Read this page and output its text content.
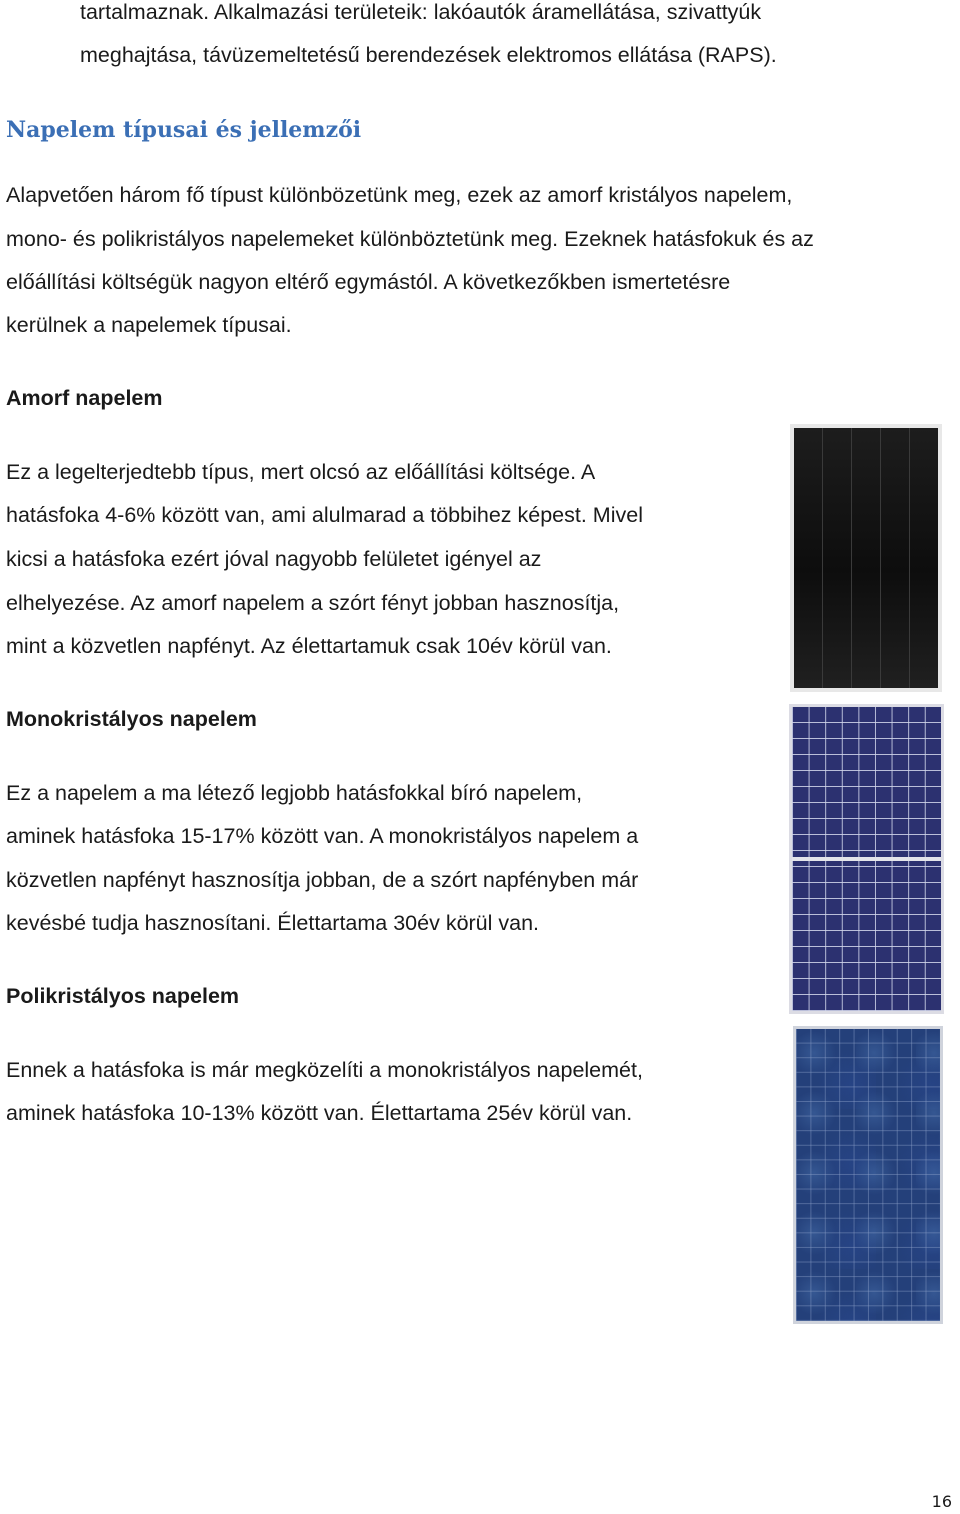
tartalmaznak. Alkalmazási területeik: lakóautók áramellátása, szivattyúk

meghajtása, távüzemeltetésű berendezések elektromos ellátása (RAPS).

Napelem típusai és jellemzői

Alapvetően három fő típust különbözetünk meg, ezek az amorf kristályos napelem,

mono- és polikristályos napelemeket különböztetünk meg. Ezeknek hatásfokuk és az

előállítási költségük nagyon eltérő egymástól. A következőkben ismertetésre

kerülnek a napelemek típusai.

Amorf napelem

Ez a legelterjedtebb típus, mert olcsó az előállítási költsége. A

hatásfoka 4-6% között van, ami alulmarad a többihez képest. Mivel

kicsi a hatásfoka ezért jóval nagyobb felületet igényel az

elhelyezése. Az amorf napelem a szórt fényt jobban hasznosítja,

mint a közvetlen napfényt. Az élettartamuk csak 10év körül van.

Monokristályos napelem

Ez a napelem a ma létező legjobb hatásfokkal bíró napelem,

aminek hatásfoka 15-17% között van. A monokristályos napelem a

közvetlen napfényt hasznosítja jobban, de a szórt napfényben már

kevésbé tudja hasznosítani. Élettartama 30év körül van.

Polikristályos napelem

Ennek a hatásfoka is már megközelíti a monokristályos napelemét,

aminek hatásfoka 10-13% között van. Élettartama 25év körül van.

16
